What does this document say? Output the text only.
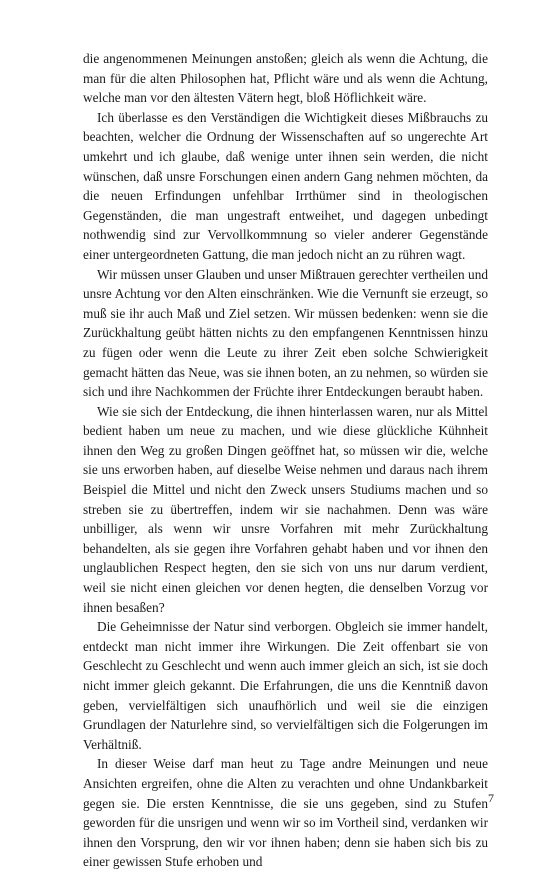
die angenommenen Meinungen anstoßen; gleich als wenn die Achtung, die man für die alten Philosophen hat, Pflicht wäre und als wenn die Achtung, welche man vor den ältesten Vätern hegt, bloß Höflichkeit wäre.

Ich überlasse es den Verständigen die Wichtigkeit dieses Mißbrauchs zu beachten, welcher die Ordnung der Wissenschaften auf so ungerechte Art umkehrt und ich glaube, daß wenige unter ihnen sein werden, die nicht wünschen, daß unsre Forschungen einen andern Gang nehmen möchten, da die neuen Erfindungen unfehlbar Irrthümer sind in theologischen Gegenständen, die man ungestraft entweihet, und dagegen unbedingt nothwendig sind zur Vervollkommnung so vieler anderer Gegenstände einer untergeordneten Gattung, die man jedoch nicht an zu rühren wagt.

Wir müssen unser Glauben und unser Mißtrauen gerechter vertheilen und unsre Achtung vor den Alten einschränken. Wie die Vernunft sie erzeugt, so muß sie ihr auch Maß und Ziel setzen. Wir müssen bedenken: wenn sie die Zurückhaltung geübt hätten nichts zu den empfangenen Kenntnissen hinzu zu fügen oder wenn die Leute zu ihrer Zeit eben solche Schwierigkeit gemacht hätten das Neue, was sie ihnen boten, an zu nehmen, so würden sie sich und ihre Nachkommen der Früchte ihrer Entdeckungen beraubt haben.

Wie sie sich der Entdeckung, die ihnen hinterlassen waren, nur als Mittel bedient haben um neue zu machen, und wie diese glückliche Kühnheit ihnen den Weg zu großen Dingen geöffnet hat, so müssen wir die, welche sie uns erworben haben, auf dieselbe Weise nehmen und daraus nach ihrem Beispiel die Mittel und nicht den Zweck unsers Studiums machen und so streben sie zu übertreffen, indem wir sie nachahmen. Denn was wäre unbilliger, als wenn wir unsre Vorfahren mit mehr Zurückhaltung behandelten, als sie gegen ihre Vorfahren gehabt haben und vor ihnen den unglaublichen Respect hegten, den sie sich von uns nur darum verdient, weil sie nicht einen gleichen vor denen hegten, die denselben Vorzug vor ihnen besaßen?

Die Geheimnisse der Natur sind verborgen. Obgleich sie immer handelt, entdeckt man nicht immer ihre Wirkungen. Die Zeit offenbart sie von Geschlecht zu Geschlecht und wenn auch immer gleich an sich, ist sie doch nicht immer gleich gekannt. Die Erfahrungen, die uns die Kenntniß davon geben, vervielfältigen sich unaufhörlich und weil sie die einzigen Grundlagen der Naturlehre sind, so vervielfältigen sich die Folgerungen im Verhältniß.

In dieser Weise darf man heut zu Tage andre Meinungen und neue Ansichten ergreifen, ohne die Alten zu verachten und ohne Undankbarkeit gegen sie. Die ersten Kenntnisse, die sie uns gegeben, sind zu Stufen geworden für die unsrigen und wenn wir so im Vortheil sind, verdanken wir ihnen den Vorsprung, den wir vor ihnen haben; denn sie haben sich bis zu einer gewissen Stufe erhoben und

7
